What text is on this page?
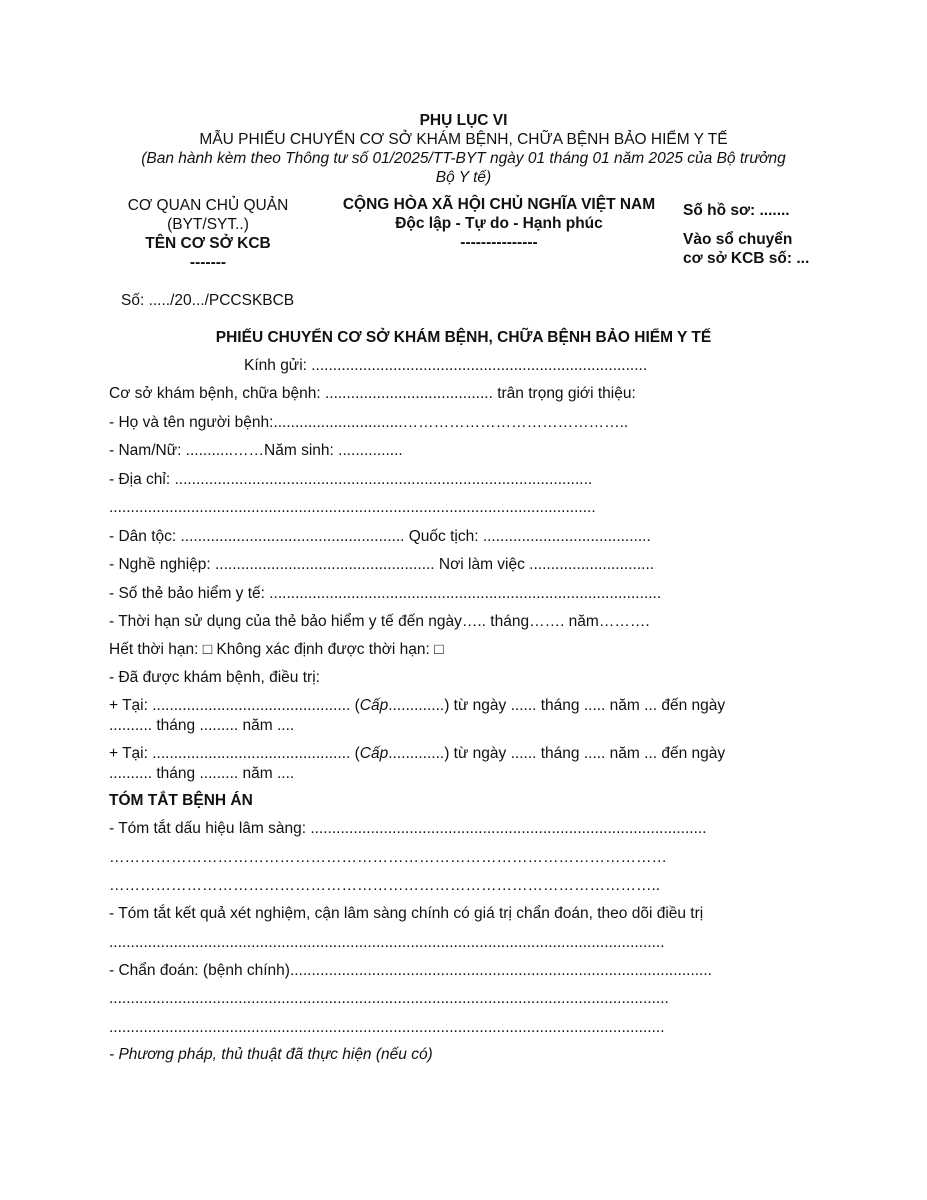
PHỤ LỤC VI
MẪU PHIẾU CHUYỂN CƠ SỞ KHÁM BỆNH, CHỮA BỆNH BẢO HIỂM Y TẾ
(Ban hành kèm theo Thông tư số 01/2025/TT-BYT ngày 01 tháng 01 năm 2025 của Bộ trưởng
Bộ Y tế)
CƠ QUAN CHỦ QUẢN
(BYT/SYT..)
TÊN CƠ SỞ KCB
-------
CỘNG HÒA XÃ HỘI CHỦ NGHĨA VIỆT NAM
Độc lập - Tự do - Hạnh phúc
---------------
Số hồ sơ: .......
Vào sổ chuyển
cơ sở KCB số: ...
Số: ...../20.../PCCSKBCB
PHIẾU CHUYỂN CƠ SỞ KHÁM BỆNH, CHỮA BỆNH BẢO HIỂM Y TẾ
Kính gửi: ..............................................................................
Cơ sở khám bệnh, chữa bệnh: ....................................... trân trọng giới thiệu:
- Họ và tên người bệnh:..............................……………………………………..
- Nam/Nữ: ...........……Năm sinh: ...............
- Địa chỉ: .................................................................................................
.................................................................................................................
- Dân tộc: .................................................... Quốc tịch: .......................................
- Nghề nghiệp: ................................................... Nơi làm việc .............................
- Số thẻ bảo hiểm y tế: ...........................................................................................
- Thời hạn sử dụng của thẻ bảo hiểm y tế đến ngày….. tháng……. năm……….
Hết thời hạn: □ Không xác định được thời hạn: □
- Đã được khám bệnh, điều trị:
+ Tại: .............................................. (Cấp.............) từ ngày ...... tháng ..... năm ... đến ngày
.......... tháng ......... năm ....
+ Tại: .............................................. (Cấp.............) từ ngày ...... tháng ..... năm ... đến ngày
.......... tháng ......... năm ....
TÓM TẮT BỆNH ÁN
- Tóm tắt dấu hiệu lâm sàng: ............................................................................................
………………………………………………………………………………………………
……………………………………………………………………………………………..
- Tóm tắt kết quả xét nghiệm, cận lâm sàng chính có giá trị chẩn đoán, theo dõi điều trị
.................................................................................................................................
- Chẩn đoán: (bệnh chính)..................................................................................................
..................................................................................................................................
.................................................................................................................................
- Phương pháp, thủ thuật đã thực hiện (nếu có)
